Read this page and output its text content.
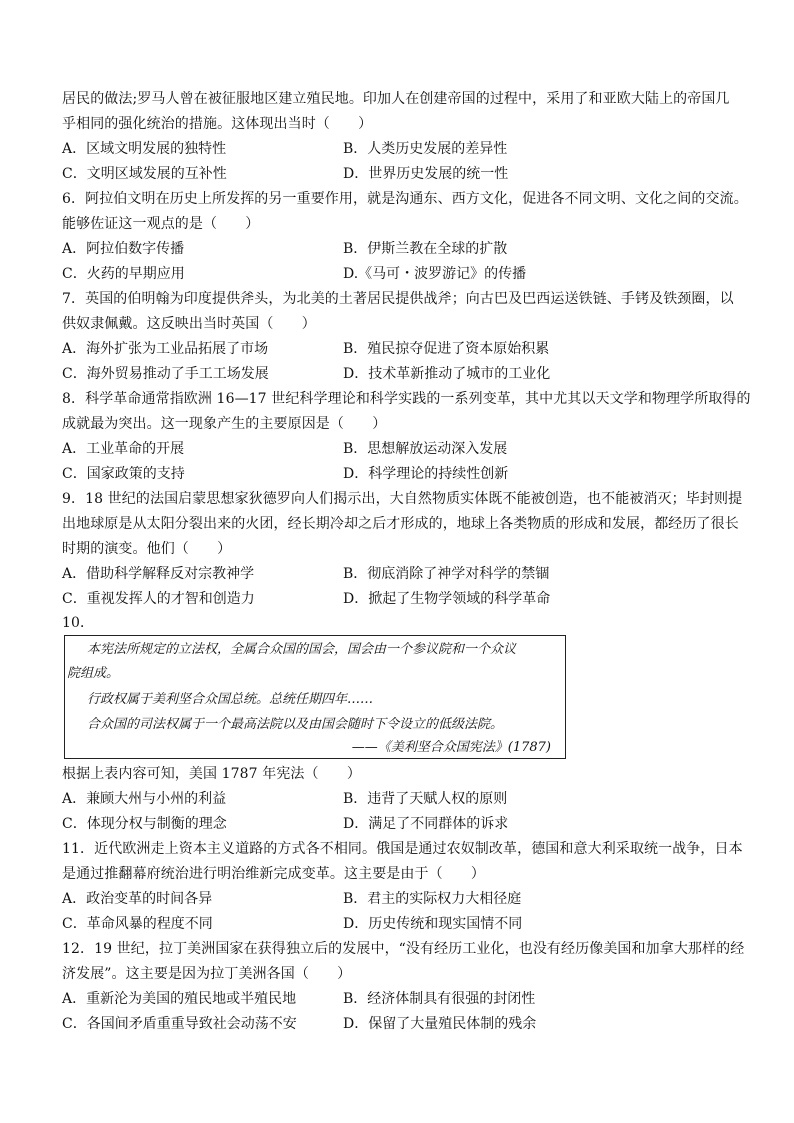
居民的做法;罗马人曾在被征服地区建立殖民地。印加人在创建帝国的过程中，采用了和亚欧大陆上的帝国几
乎相同的强化统治的措施。这体现出当时（　　）
A．区域文明发展的独特性	B．人类历史发展的差异性
C．文明区域发展的互补性	D．世界历史发展的统一性
6．阿拉伯文明在历史上所发挥的另一重要作用，就是沟通东、西方文化，促进各不同文明、文化之间的交流。
能够佐证这一观点的是（　　）
A．阿拉伯数字传播	B．伊斯兰教在全球的扩散
C．火药的早期应用	D.《马可・波罗游记》的传播
7．英国的伯明翰为印度提供斧头，为北美的土著居民提供战斧；向古巴及巴西运送铁链、手铐及铁颈圈，以
供奴隶佩戴。这反映出当时英国（　　）
A．海外扩张为工业品拓展了市场	B．殖民掠夺促进了资本原始积累
C．海外贸易推动了手工工场发展	D．技术革新推动了城市的工业化
8．科学革命通常指欧洲 16—17 世纪科学理论和科学实践的一系列变革，其中尤其以天文学和物理学所取得的
成就最为突出。这一现象产生的主要原因是（　　）
A．工业革命的开展	B．思想解放运动深入发展
C．国家政策的支持	D．科学理论的持续性创新
9．18 世纪的法国启蒙思想家狄德罗向人们揭示出，大自然物质实体既不能被创造，也不能被消灭；毕封则提
出地球原是从太阳分裂出来的火团，经长期冷却之后才形成的，地球上各类物质的形成和发展，都经历了很长
时期的演变。他们（　　）
A．借助科学解释反对宗教神学	B．彻底消除了神学对科学的禁锢
C．重视发挥人的才智和创造力	D．掀起了生物学领域的科学革命
10．
本宪法所规定的立法权，全属合众国的国会，国会由一个参议院和一个众议
院组成。
行政权属于美利坚合众国总统。总统任期四年……
合众国的司法权属于一个最高法院以及由国会随时下令设立的低级法院。
——《美利坚合众国宪法》(1787)
根据上表内容可知，美国 1787 年宪法（　　）
A．兼顾大州与小州的利益	B．违背了天赋人权的原则
C．体现分权与制衡的理念	D．满足了不同群体的诉求
11．近代欧洲走上资本主义道路的方式各不相同。俄国是通过农奴制改革，德国和意大利采取统一战争，日本
是通过推翻幕府统治进行明治维新完成变革。这主要是由于（　　）
A．政治变革的时间各异	B．君主的实际权力大相径庭
C．革命风暴的程度不同	D．历史传统和现实国情不同
12．19 世纪，拉丁美洲国家在获得独立后的发展中，“没有经历工业化，也没有经历像美国和加拿大那样的经
济发展”。这主要是因为拉丁美洲各国（　　）
A．重新沦为美国的殖民地或半殖民地	B．经济体制具有很强的封闭性
C．各国间矛盾重重导致社会动荡不安	D．保留了大量殖民体制的残余
